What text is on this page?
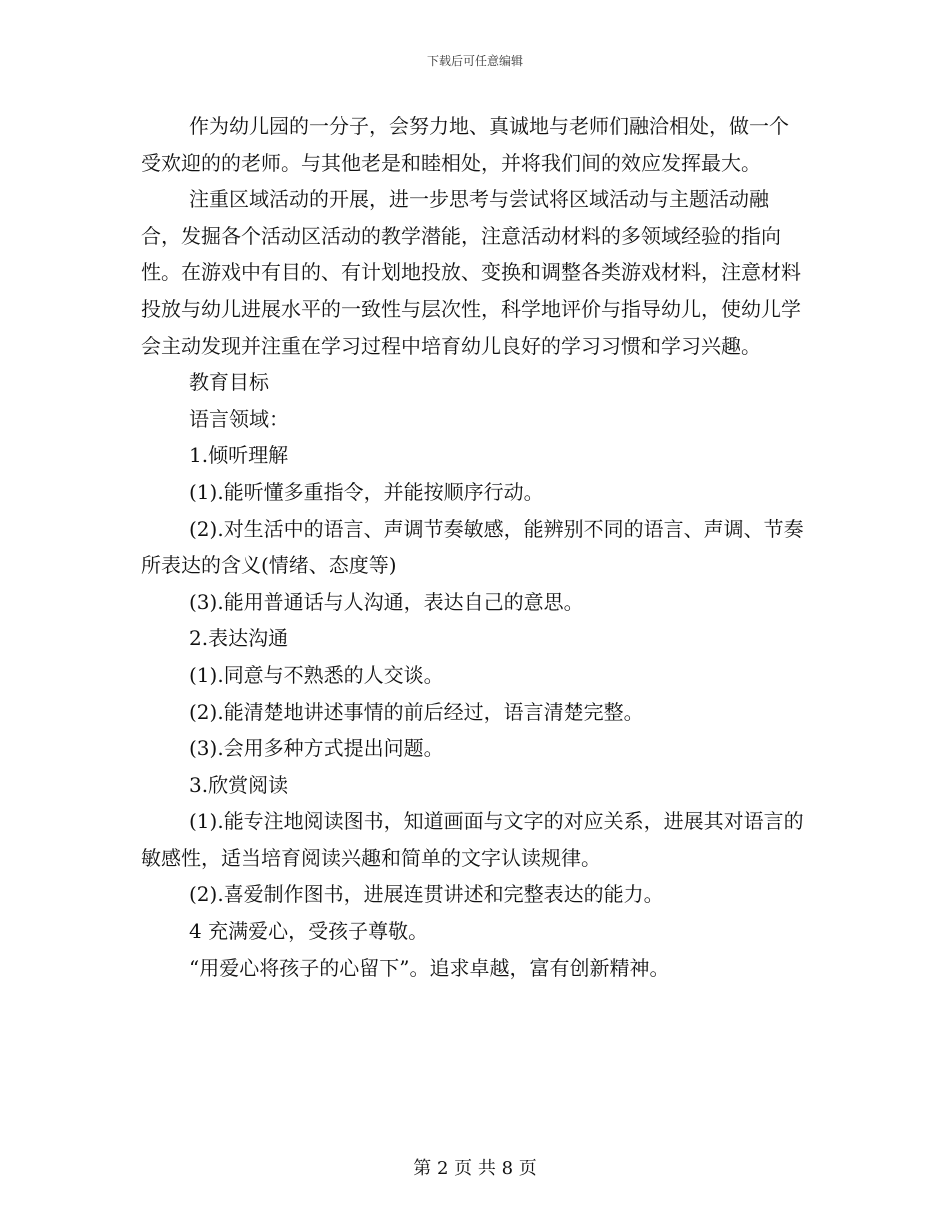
下载后可任意编辑

作为幼儿园的一分子，会努力地、真诚地与老师们融洽相处，做一个受欢迎的的老师。与其他老是和睦相处，并将我们间的效应发挥最大。

注重区域活动的开展，进一步思考与尝试将区域活动与主题活动融合，发掘各个活动区活动的教学潜能，注意活动材料的多领域经验的指向性。在游戏中有目的、有计划地投放、变换和调整各类游戏材料，注意材料投放与幼儿进展水平的一致性与层次性，科学地评价与指导幼儿，使幼儿学会主动发现并注重在学习过程中培育幼儿良好的学习习惯和学习兴趣。

教育目标

语言领域：

1.倾听理解

(1).能听懂多重指令，并能按顺序行动。

(2).对生活中的语言、声调节奏敏感，能辨别不同的语言、声调、节奏所表达的含义(情绪、态度等)

(3).能用普通话与人沟通，表达自己的意思。

2.表达沟通

(1).同意与不熟悉的人交谈。

(2).能清楚地讲述事情的前后经过，语言清楚完整。

(3).会用多种方式提出问题。

3.欣赏阅读

(1).能专注地阅读图书，知道画面与文字的对应关系，进展其对语言的敏感性，适当培育阅读兴趣和简单的文字认读规律。

(2).喜爱制作图书，进展连贯讲述和完整表达的能力。

4 充满爱心，受孩子尊敬。

“用爱心将孩子的心留下”。追求卓越，富有创新精神。

第 2 页 共 8 页
